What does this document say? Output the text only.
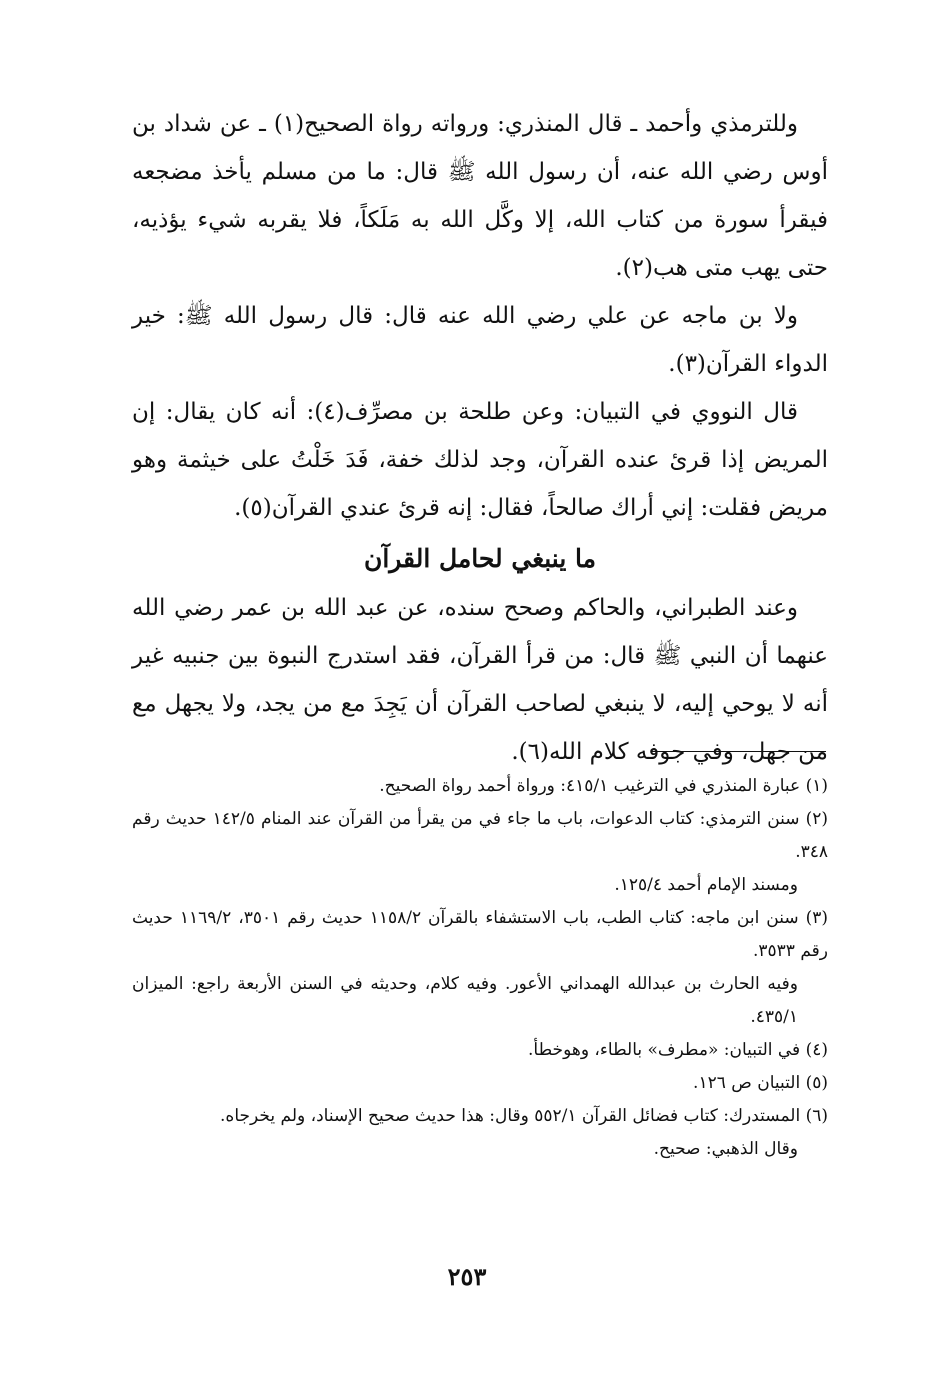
وللترمذي وأحمد ـ قال المنذري: ورواته رواة الصحيح(١) ـ عن شداد بن أوس رضي الله عنه، أن رسول الله ﷺ قال: ما من مسلم يأخذ مضجعه فيقرأ سورة من كتاب الله، إلا وكَّل الله به مَلَكاً، فلا يقربه شيء يؤذيه، حتى يهب متى هب(٢).

ولا بن ماجه عن علي رضي الله عنه قال: قال رسول الله ﷺ: خير الدواء القرآن(٣).

قال النووي في التبيان: وعن طلحة بن مصرِّف(٤): أنه كان يقال: إن المريض إذا قرئ عنده القرآن، وجد لذلك خفة، فَدَ خَلْتُ على خيثمة وهو مريض فقلت: إني أراك صالحاً، فقال: إنه قرئ عندي القرآن(٥).

ما ينبغي لحامل القرآن

وعند الطبراني، والحاكم وصحح سنده، عن عبد الله بن عمر رضي الله عنهما أن النبي ﷺ قال: من قرأ القرآن، فقد استدرج النبوة بين جنبيه غير أنه لا يوحي إليه، لا ينبغي لصاحب القرآن أن يَجِدَ مع من يجد، ولا يجهل مع من جهل، وفي جوفه كلام الله(٦).

(١) عبارة المنذري في الترغيب ٤١٥/١: ورواة أحمد رواة الصحيح.

(٢) سنن الترمذي: كتاب الدعوات، باب ما جاء في من يقرأ من القرآن عند المنام ١٤٢/٥ حديث رقم ٣٤٨.

ومسند الإمام أحمد ١٢٥/٤.

(٣) سنن ابن ماجه: كتاب الطب، باب الاستشفاء بالقرآن ١١٥٨/٢ حديث رقم ٣٥٠١، ١١٦٩/٢ حديث رقم ٣٥٣٣.

وفيه الحارث بن عبدالله الهمداني الأعور. وفيه كلام، وحديثه في السنن الأربعة راجع: الميزان ٤٣٥/١.

(٤) في التبيان: «مطرف» بالطاء، وهوخطأ.

(٥) التبيان ص ١٢٦.

(٦) المستدرك: كتاب فضائل القرآن ٥٥٢/١ وقال: هذا حديث صحيح الإسناد، ولم يخرجاه.

وقال الذهبي: صحيح.

٢٥٣
